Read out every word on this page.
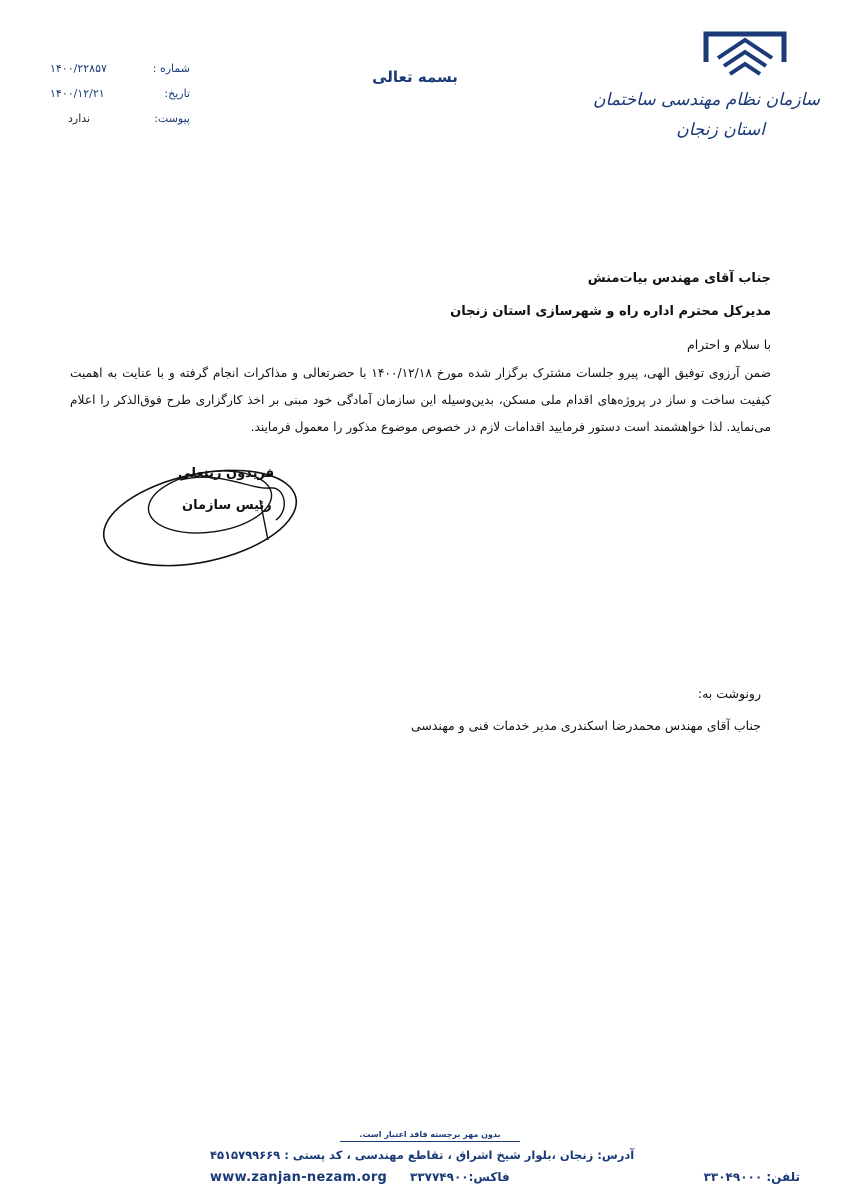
سازمان نظام مهندسی ساختمان
استان زنجان
بسمه تعالی
شماره :
۱۴۰۰/۲۲۸۵۷
تاریخ:
۱۴۰۰/۱۲/۲۱
پیوست:
ندارد
جناب آقای مهندس بیات‌منش
مدیرکل محترم اداره راه و شهرسازی استان زنجان
با سلام و احترام
ضمن آرزوی توفیق الهی، پیرو جلسات مشترک برگزار شده مورخ ۱۴۰۰/۱۲/۱۸ با حضرتعالی و مذاکرات انجام گرفته و با عنایت به اهمیت کیفیت ساخت و ساز در پروژه‌های اقدام ملی مسکن، بدین‌وسیله این سازمان آمادگی خود مبنی بر اخذ کارگزاری طرح فوق‌الذکر را اعلام می‌نماید. لذا خواهشمند است دستور فرمایید اقدامات لازم در خصوص موضوع مذکور را معمول فرمایند.
فریدون زینعلی
رئیس سازمان
رونوشت به:
جناب آقای مهندس محمدرضا اسکندری مدیر خدمات فنی و مهندسی
بدون مهر برجسته فاقد اعتبار است.
آدرس: زنجان ،بلوار شیخ اشراق ، تقاطع مهندسی ، کد پستی : ۴۵۱۵۷۹۹۶۶۹
www.zanjan-nezam.org فاکس:۳۳۷۷۴۹۰۰	تلفن: ۳۳۰۴۹۰۰۰
